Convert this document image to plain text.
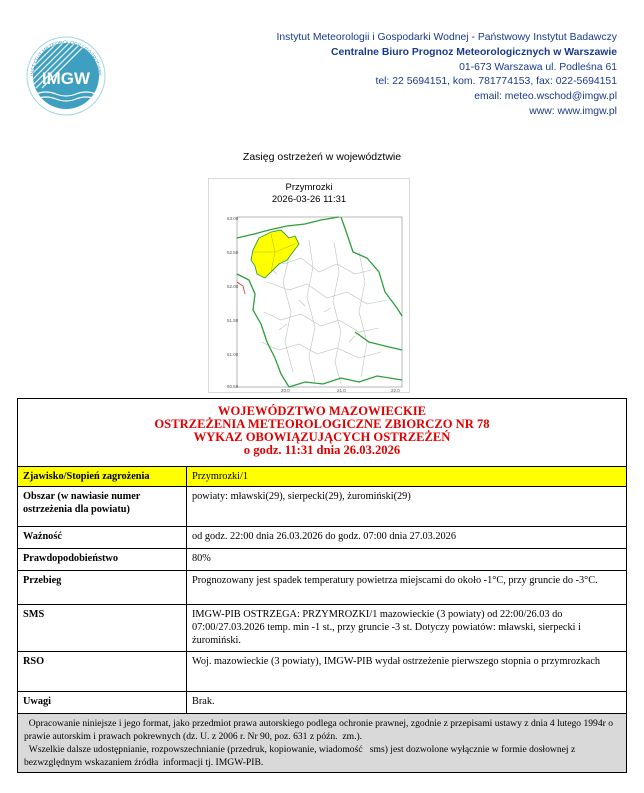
IMGW
INSTYTUT METEOROLOGII I GOSPODARK
Instytut Meteorologii i Gospodarki Wodnej - Państwowy Instytut Badawczy
Centralne Biuro Prognoz Meteorologicznych w Warszawie
01-673 Warszawa ul. Podleśna 61
tel: 22 5694151, kom. 781774153, fax: 022-5694151
email: meteo.wschod@imgw.pl
www: www.imgw.pl
Zasięg ostrzeżeń w województwie
Przymrozki
2026-03-26 11:31
53.00
52.50
52.00
51.50
51.00
50.50
20.0	21.0	22.0
WOJEWÓDZTWO MAZOWIECKIE
OSTRZEŻENIA METEOROLOGICZNE ZBIORCZO NR 78
WYKAZ OBOWIĄZUJĄCYCH OSTRZEŻEŃ
o godz. 11:31 dnia 26.03.2026	

Zjawisko/Stopień zagrożenia	Przymrozki/1
Obszar (w nawiasie numer ostrzeżenia dla powiatu)	powiaty: mławski(29), sierpecki(29), żuromiński(29)
Ważność	od godz. 22:00 dnia 26.03.2026 do godz. 07:00 dnia 27.03.2026
Prawdopodobieństwo	80%
Przebieg	Prognozowany jest spadek temperatury powietrza miejscami do około -1°C, przy gruncie do -3°C.
SMS	IMGW-PIB OSTRZEGA: PRZYMROZKI/1 mazowieckie (3 powiaty) od 22:00/26.03 do 07:00/27.03.2026 temp. min -1 st., przy gruncie -3 st. Dotyczy powiatów: mławski, sierpecki i żuromiński.
RSO	Woj. mazowieckie (3 powiaty), IMGW-PIB wydał ostrzeżenie pierwszego stopnia o przymrozkach
Uwagi	Brak.

Opracowanie niniejsze i jego format, jako przedmiot prawa autorskiego podlega ochronie prawnej, zgodnie z przepisami ustawy z dnia 4 lutego 1994r o prawie autorskim i prawach pokrewnych (dz. U. z 2006 r. Nr 90, poz. 631 z późn.  zm.).
Wszelkie dalsze udostępnianie, rozpowszechnianie (przedruk, kopiowanie, wiadomość   sms) jest dozwolone wyłącznie w formie dosłownej z bezwzględnym wskazaniem źródła  informacji tj. IMGW-PIB.	
